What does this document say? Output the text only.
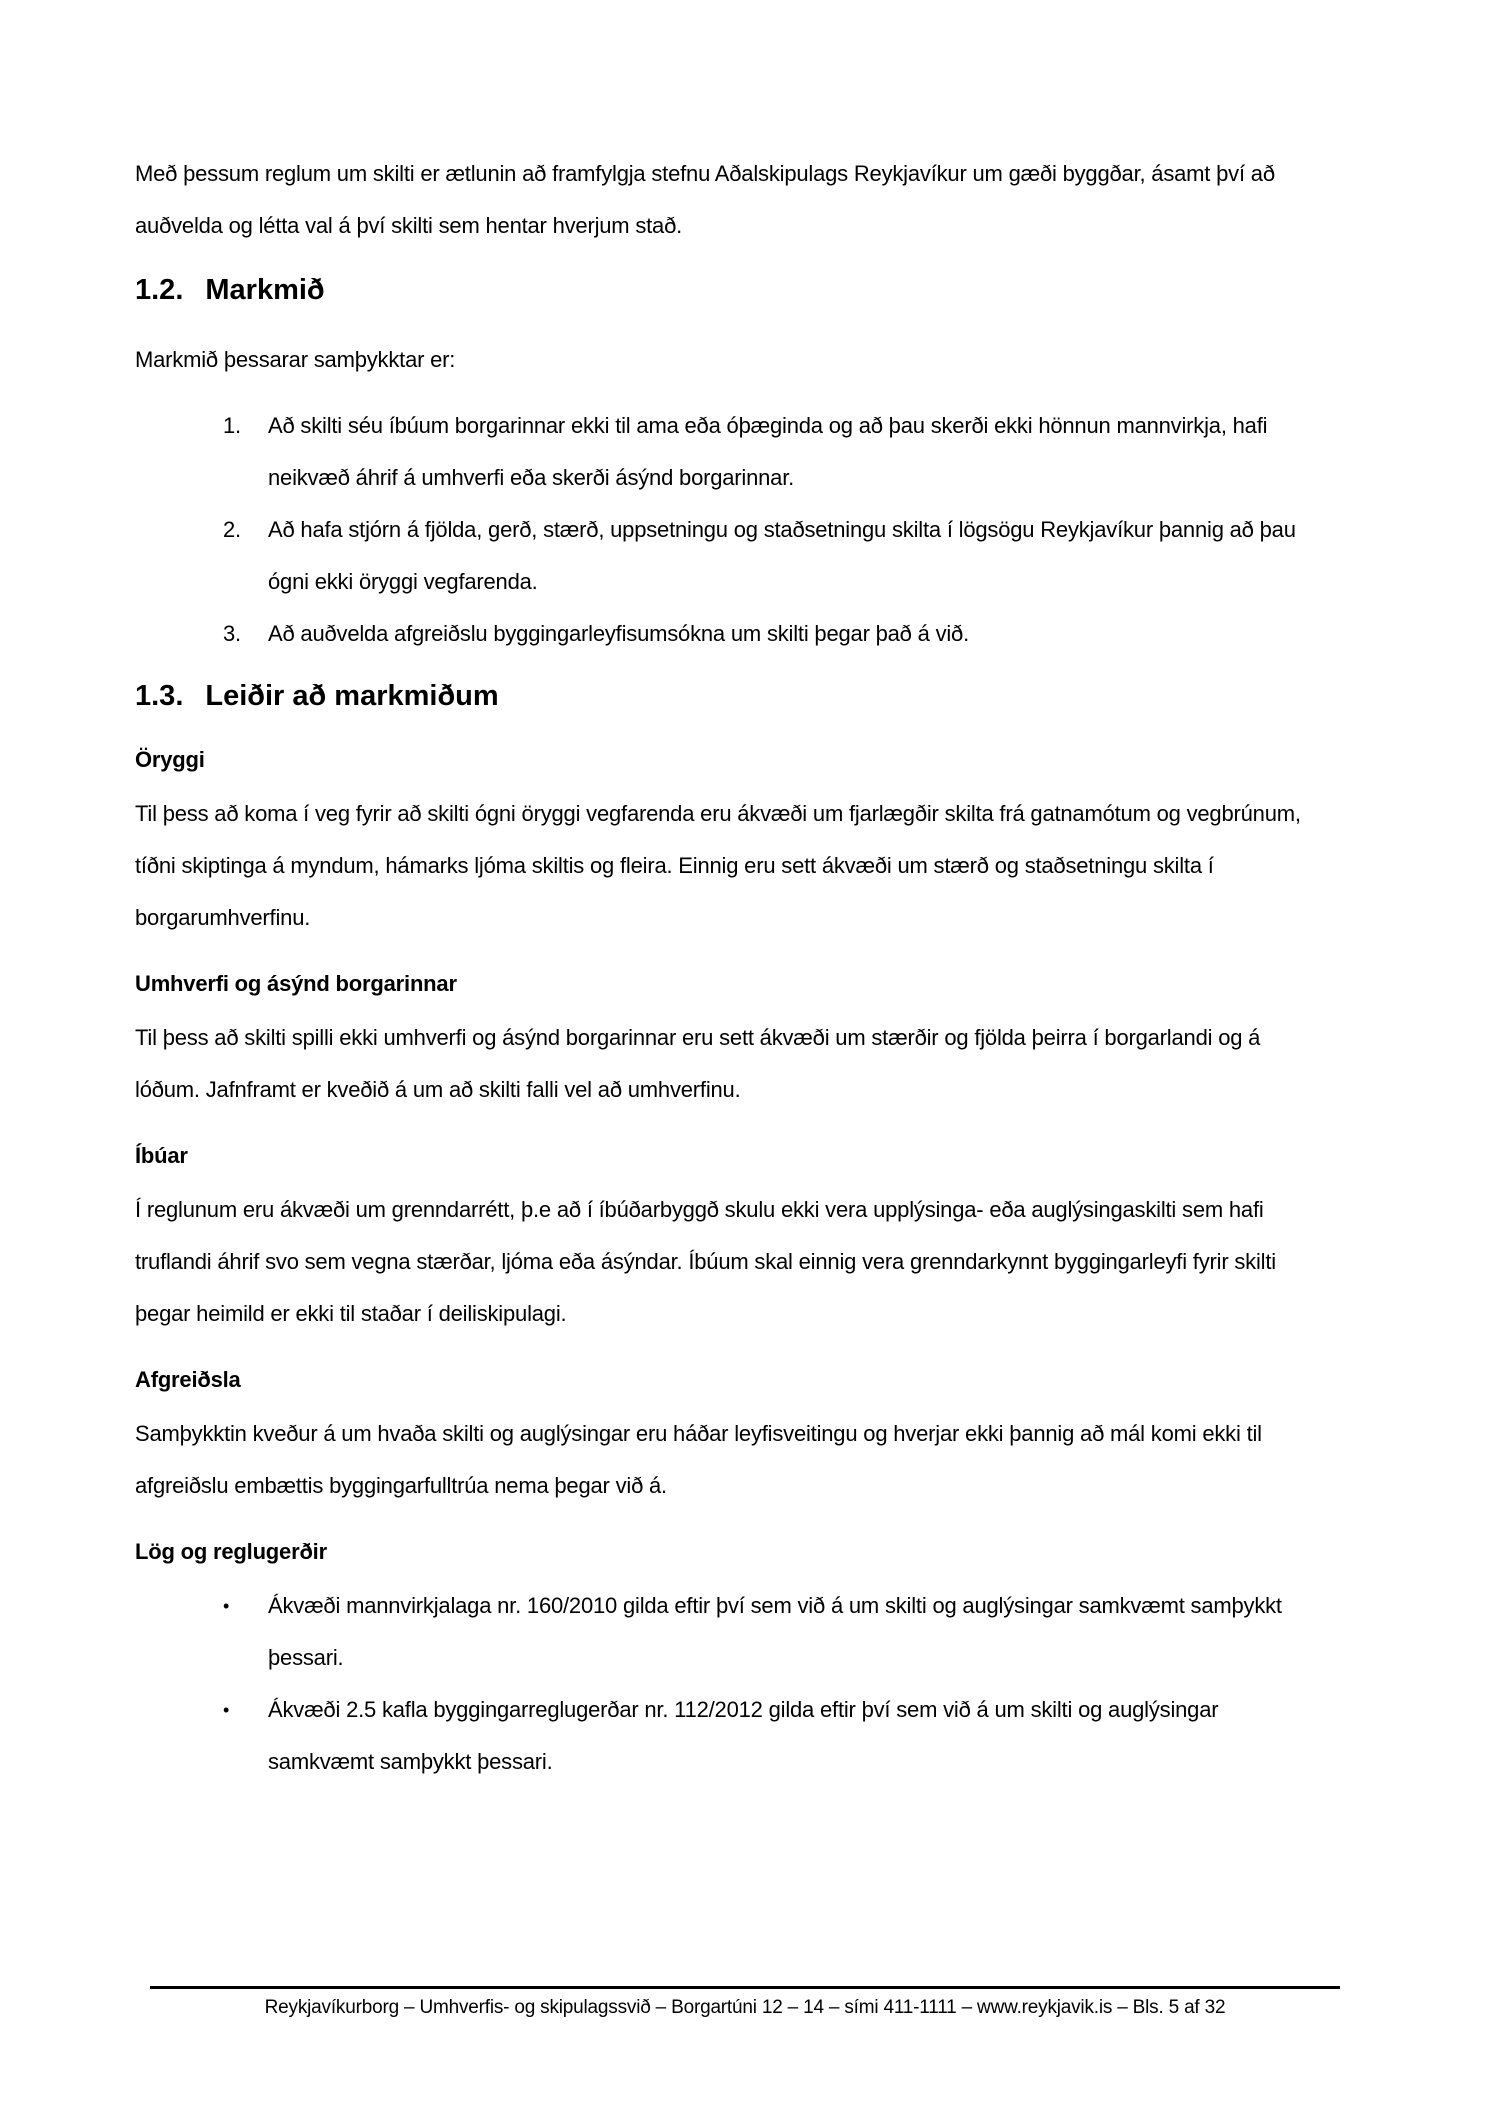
Með þessum reglum um skilti er ætlunin að framfylgja stefnu Aðalskipulags Reykjavíkur um gæði byggðar, ásamt því að auðvelda og létta val á því skilti sem hentar hverjum stað.

1.2. Markmið

Markmið þessarar samþykktar er:

1.	Að skilti séu íbúum borgarinnar ekki til ama eða óþæginda og að þau skerði ekki hönnun mannvirkja, hafi neikvæð áhrif á umhverfi eða skerði ásýnd borgarinnar.
2.	Að hafa stjórn á fjölda, gerð, stærð, uppsetningu og staðsetningu skilta í lögsögu Reykjavíkur þannig að þau ógni ekki öryggi vegfarenda.
3.	Að auðvelda afgreiðslu byggingarleyfisumsókna um skilti þegar það á við.
1.3. Leiðir að markmiðum
Öryggi

Til þess að koma í veg fyrir að skilti ógni öryggi vegfarenda eru ákvæði um fjarlægðir skilta frá gatnamótum og vegbrúnum, tíðni skiptinga á myndum, hámarks ljóma skiltis og fleira. Einnig eru sett ákvæði um stærð og staðsetningu skilta í borgarumhverfinu.

Umhverfi og ásýnd borgarinnar

Til þess að skilti spilli ekki umhverfi og ásýnd borgarinnar eru sett ákvæði um stærðir og fjölda þeirra í borgarlandi og á lóðum. Jafnframt er kveðið á um að skilti falli vel að umhverfinu.

Íbúar

Í reglunum eru ákvæði um grenndarrétt, þ.e að í íbúðarbyggð skulu ekki vera upplýsinga- eða auglýsingaskilti sem hafi truflandi áhrif svo sem vegna stærðar, ljóma eða ásýndar. Íbúum skal einnig vera grenndarkynnt byggingarleyfi fyrir skilti þegar heimild er ekki til staðar í deiliskipulagi.

Afgreiðsla

Samþykktin kveður á um hvaða skilti og auglýsingar eru háðar leyfisveitingu og hverjar ekki þannig að mál komi ekki til afgreiðslu embættis byggingarfulltrúa nema þegar við á.

Lög og reglugerðir
•	Ákvæði mannvirkjalaga nr. 160/2010 gilda eftir því sem við á um skilti og auglýsingar samkvæmt samþykkt þessari.
•	Ákvæði 2.5 kafla byggingarreglugerðar nr. 112/2012 gilda eftir því sem við á um skilti og auglýsingar samkvæmt samþykkt þessari.
Reykjavíkurborg – Umhverfis- og skipulagssvið – Borgartúni 12 – 14 – sími 411-1111 – www.reykjavik.is – Bls. 5 af 32
